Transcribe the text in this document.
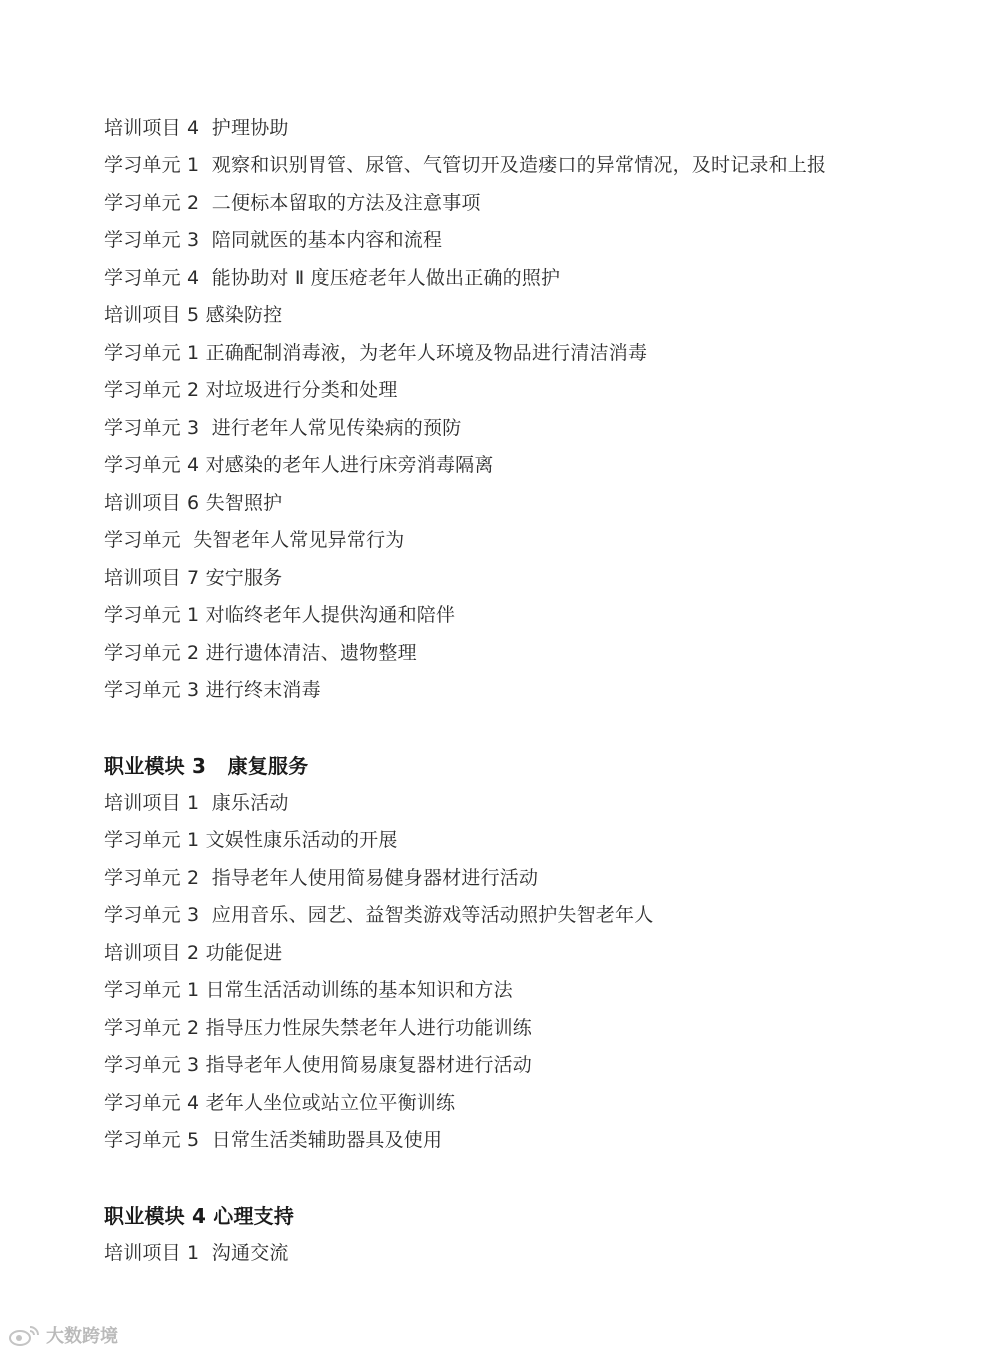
培训项目 4  护理协助
学习单元 1  观察和识别胃管、尿管、气管切开及造瘘口的异常情况，及时记录和上报
学习单元 2  二便标本留取的方法及注意事项
学习单元 3  陪同就医的基本内容和流程
学习单元 4  能协助对 Ⅱ 度压疮老年人做出正确的照护
培训项目 5 感染防控
学习单元 1 正确配制消毒液，为老年人环境及物品进行清洁消毒
学习单元 2 对垃圾进行分类和处理
学习单元 3  进行老年人常见传染病的预防
学习单元 4 对感染的老年人进行床旁消毒隔离
培训项目 6 失智照护
学习单元  失智老年人常见异常行为
培训项目 7 安宁服务
学习单元 1 对临终老年人提供沟通和陪伴
学习单元 2 进行遗体清洁、遗物整理
学习单元 3 进行终末消毒
职业模块 3   康复服务
培训项目 1  康乐活动
学习单元 1 文娱性康乐活动的开展
学习单元 2  指导老年人使用简易健身器材进行活动
学习单元 3  应用音乐、园艺、益智类游戏等活动照护失智老年人
培训项目 2 功能促进
学习单元 1 日常生活活动训练的基本知识和方法
学习单元 2 指导压力性尿失禁老年人进行功能训练
学习单元 3 指导老年人使用简易康复器材进行活动
学习单元 4 老年人坐位或站立位平衡训练
学习单元 5  日常生活类辅助器具及使用
职业模块 4 心理支持
培训项目 1  沟通交流
大数跨境
